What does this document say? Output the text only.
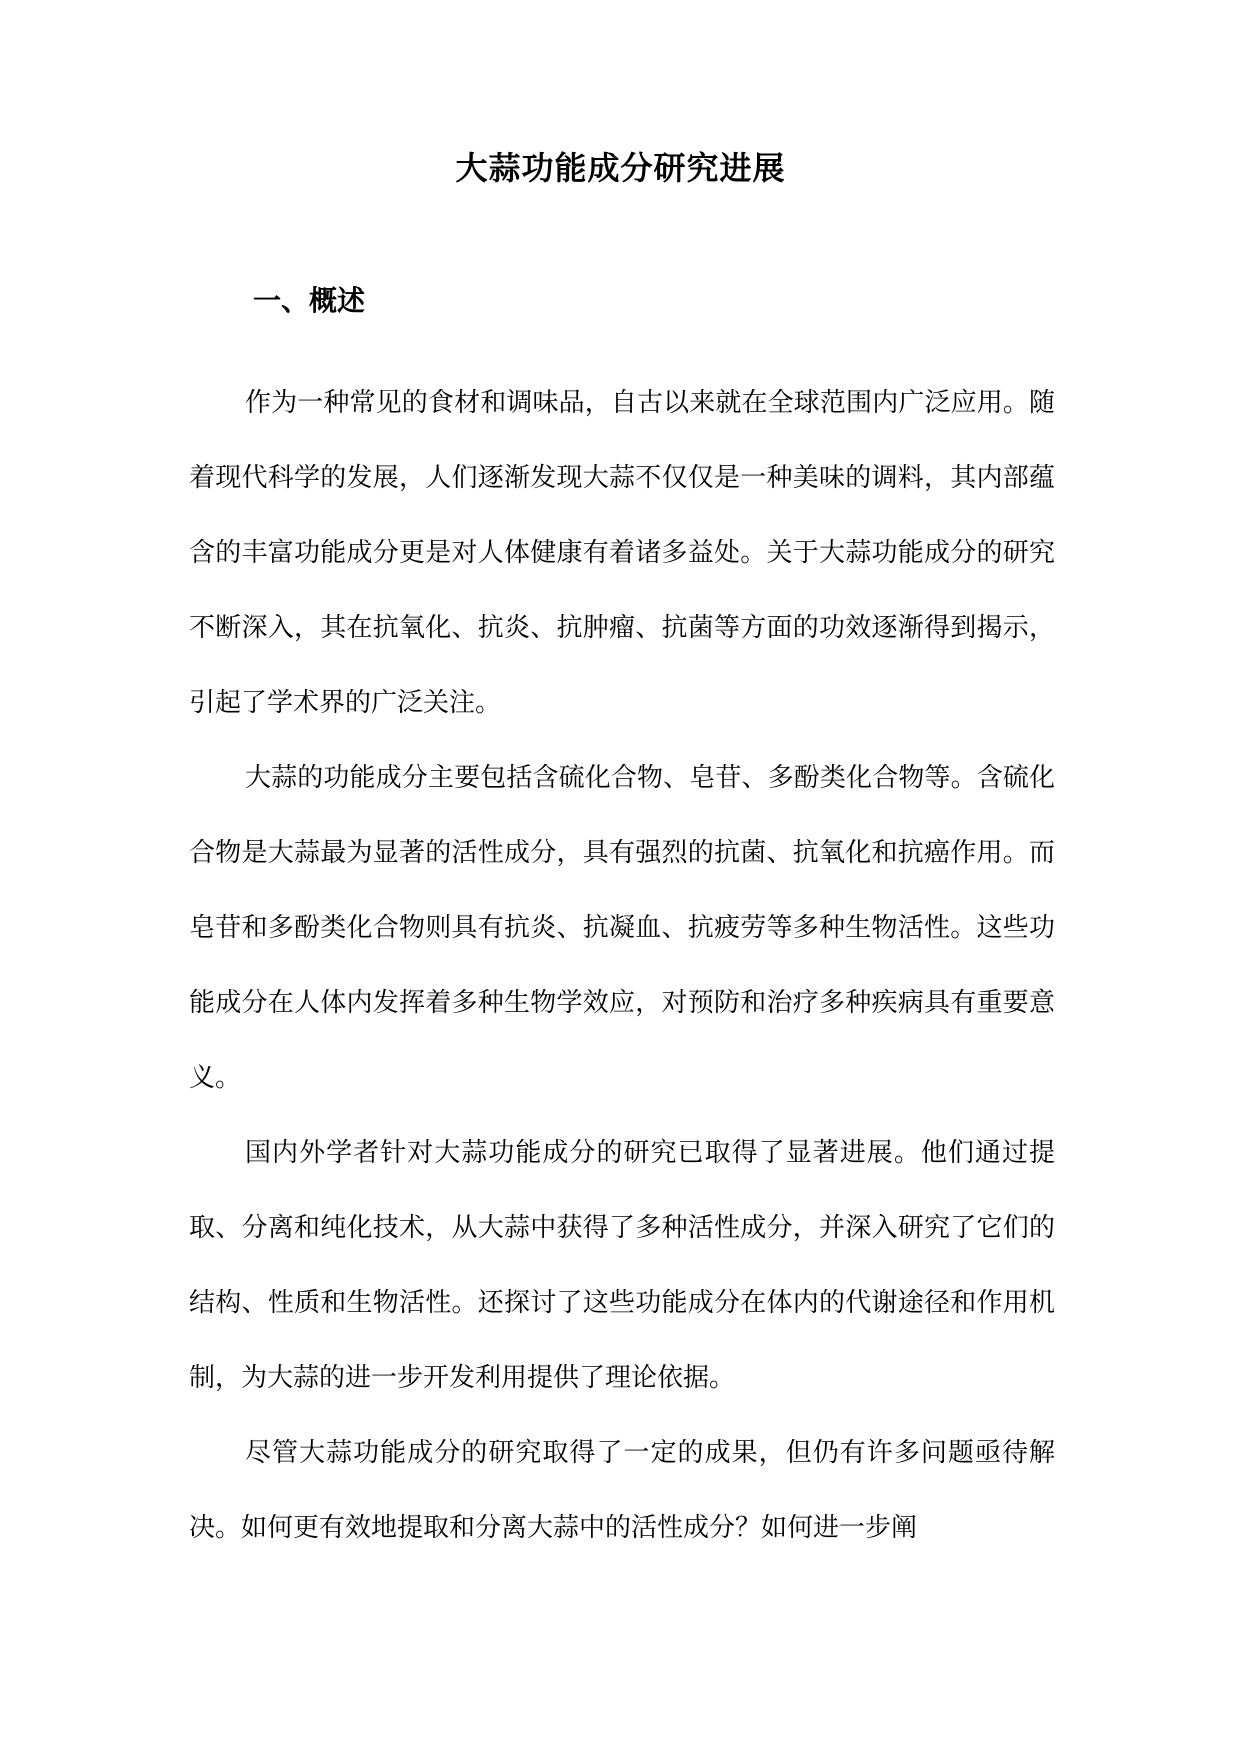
大蒜功能成分研究进展
一、概述

作为一种常见的食材和调味品，自古以来就在全球范围内广泛应用。随着现代科学的发展，人们逐渐发现大蒜不仅仅是一种美味的调料，其内部蕴含的丰富功能成分更是对人体健康有着诸多益处。关于大蒜功能成分的研究不断深入，其在抗氧化、抗炎、抗肿瘤、抗菌等方面的功效逐渐得到揭示，引起了学术界的广泛关注。

大蒜的功能成分主要包括含硫化合物、皂苷、多酚类化合物等。含硫化合物是大蒜最为显著的活性成分，具有强烈的抗菌、抗氧化和抗癌作用。而皂苷和多酚类化合物则具有抗炎、抗凝血、抗疲劳等多种生物活性。这些功能成分在人体内发挥着多种生物学效应，对预防和治疗多种疾病具有重要意义。

国内外学者针对大蒜功能成分的研究已取得了显著进展。他们通过提取、分离和纯化技术，从大蒜中获得了多种活性成分，并深入研究了它们的结构、性质和生物活性。还探讨了这些功能成分在体内的代谢途径和作用机制，为大蒜的进一步开发利用提供了理论依据。

尽管大蒜功能成分的研究取得了一定的成果，但仍有许多问题亟待解决。如何更有效地提取和分离大蒜中的活性成分？如何进一步阐
